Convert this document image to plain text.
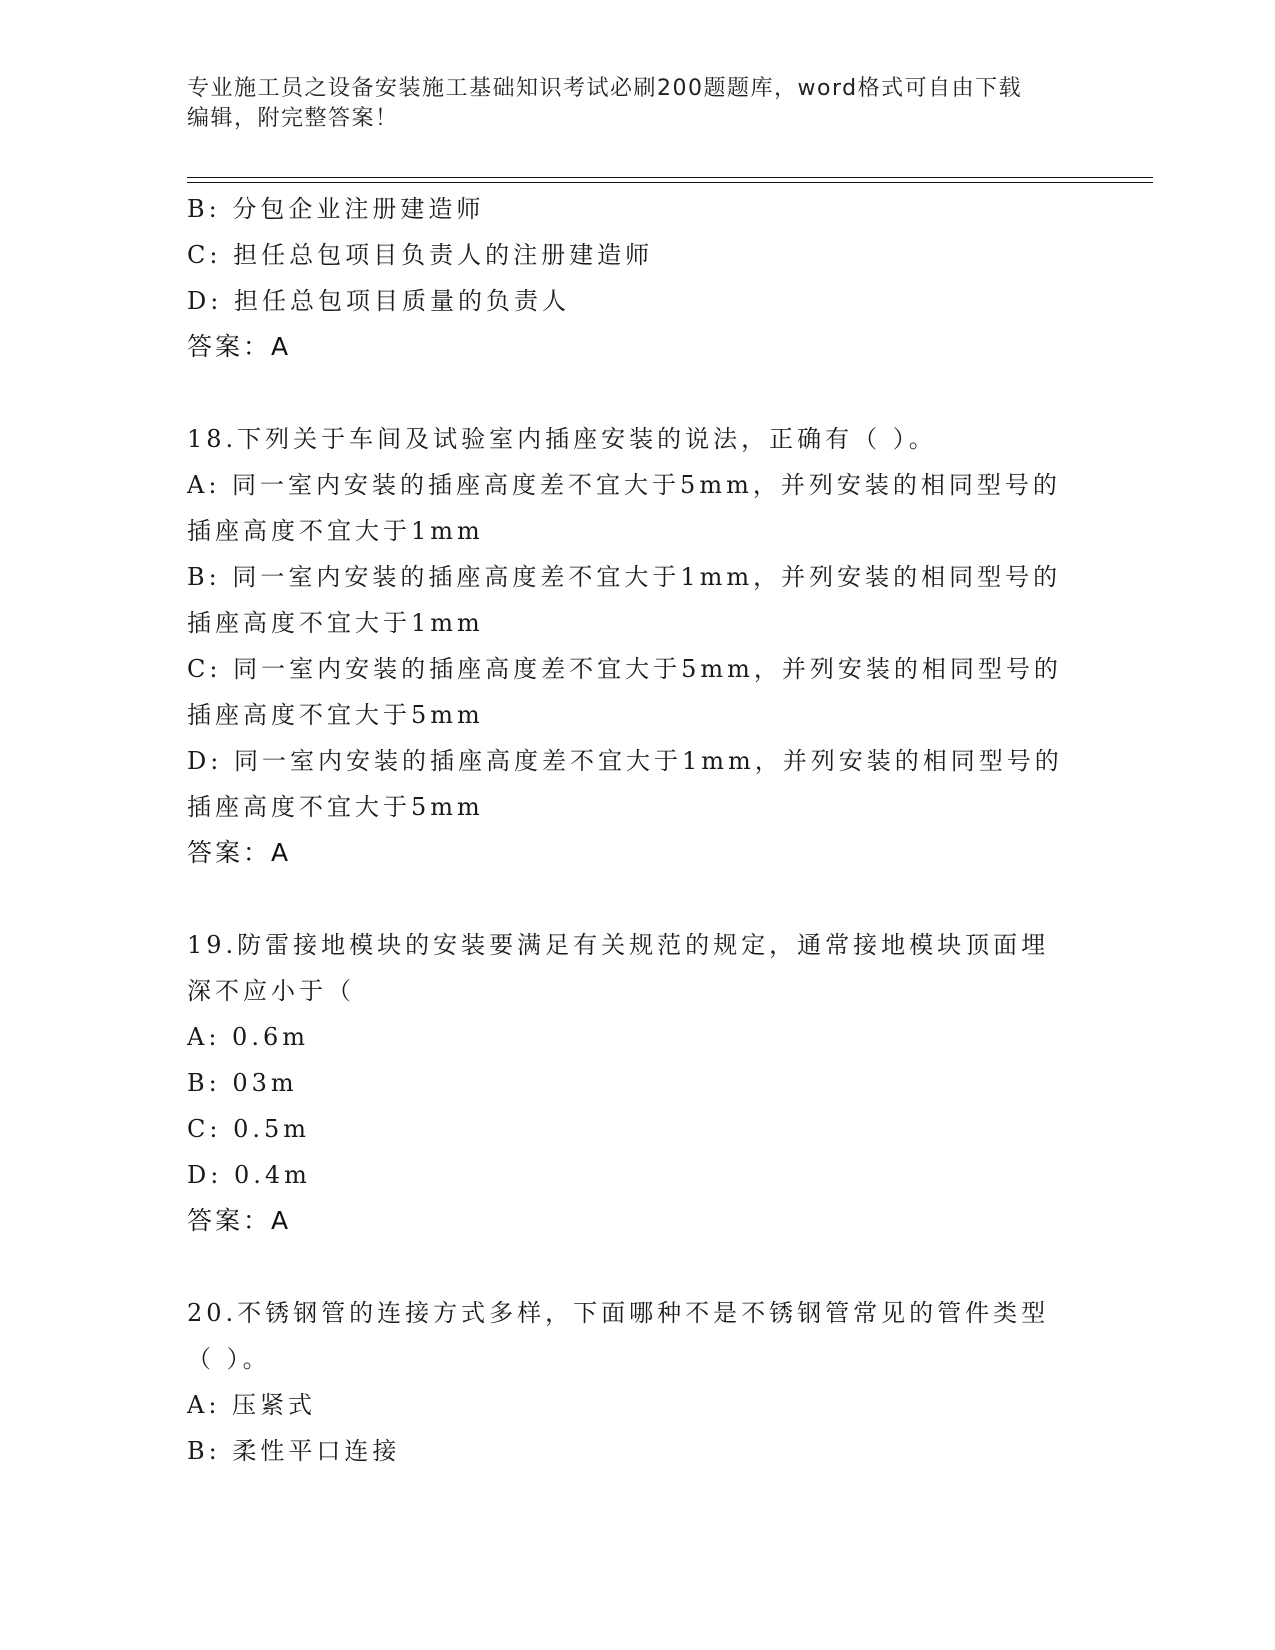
专业施工员之设备安装施工基础知识考试必刷200题题库，word格式可自由下载
编辑，附完整答案！
B: 分包企业注册建造师
C: 担任总包项目负责人的注册建造师
D: 担任总包项目质量的负责人
答案：A
18.下列关于车间及试验室内插座安装的说法，正确有（ ）。
A: 同一室内安装的插座高度差不宜大于5mm，并列安装的相同型号的
插座高度不宜大于1mm
B: 同一室内安装的插座高度差不宜大于1mm，并列安装的相同型号的
插座高度不宜大于1mm
C: 同一室内安装的插座高度差不宜大于5mm，并列安装的相同型号的
插座高度不宜大于5mm
D: 同一室内安装的插座高度差不宜大于1mm，并列安装的相同型号的
插座高度不宜大于5mm
答案：A
19.防雷接地模块的安装要满足有关规范的规定，通常接地模块顶面埋
深不应小于（
A: 0.6m
B: 03m
C: 0.5m
D: 0.4m
答案：A
20.不锈钢管的连接方式多样，下面哪种不是不锈钢管常见的管件类型
（ ）。
A: 压紧式
B: 柔性平口连接
